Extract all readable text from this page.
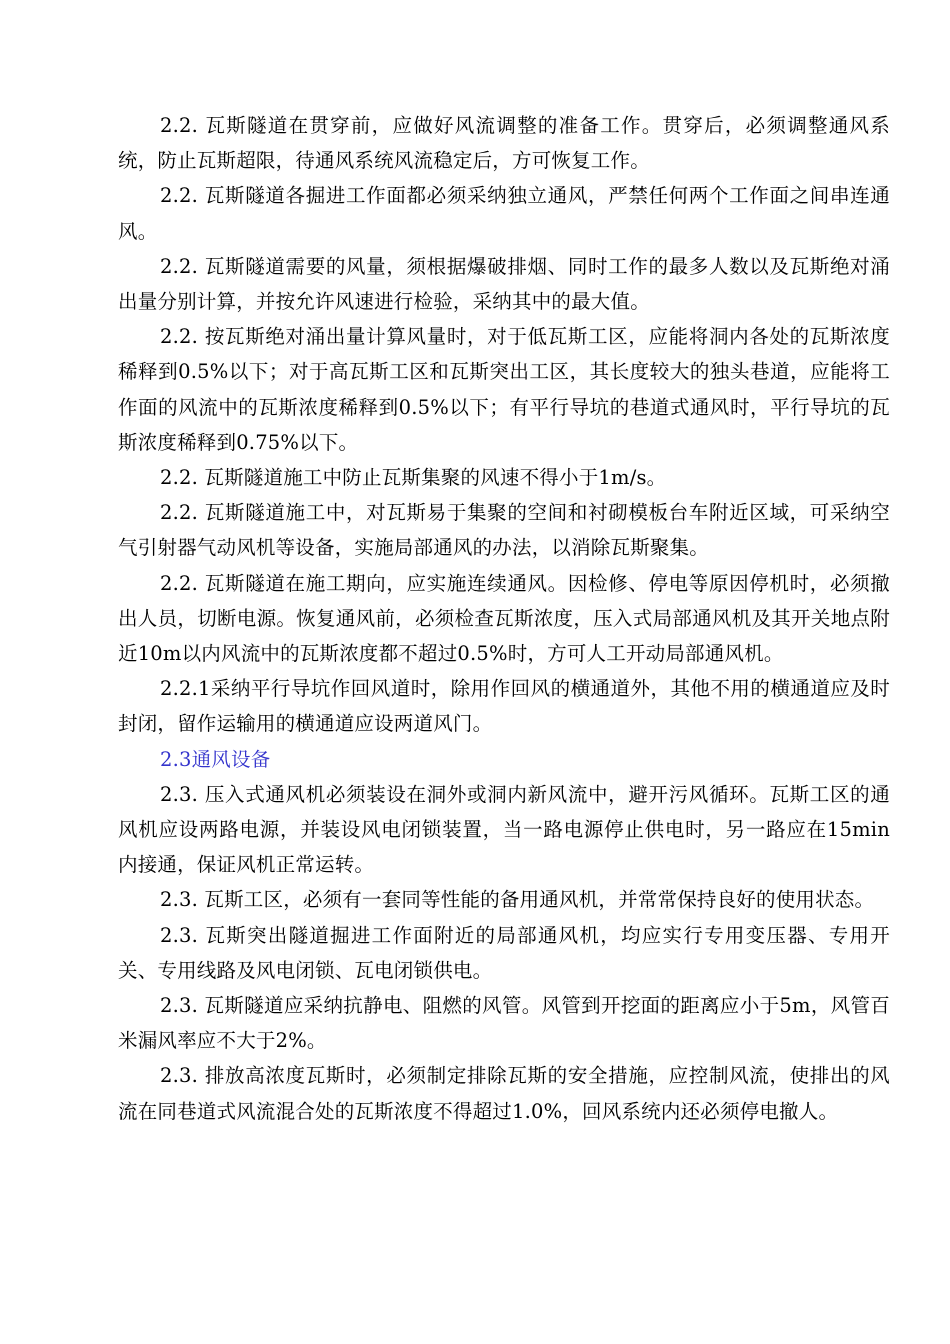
2.2. 瓦斯隧道在贯穿前，应做好风流调整的准备工作。贯穿后，必须调整通风系统，防止瓦斯超限，待通风系统风流稳定后，方可恢复工作。

2.2. 瓦斯隧道各掘进工作面都必须采纳独立通风，严禁任何两个工作面之间串连通风。

2.2. 瓦斯隧道需要的风量，须根据爆破排烟、同时工作的最多人数以及瓦斯绝对涌出量分别计算，并按允许风速进行检验，采纳其中的最大值。

2.2. 按瓦斯绝对涌出量计算风量时，对于低瓦斯工区，应能将洞内各处的瓦斯浓度稀释到0.5%以下；对于高瓦斯工区和瓦斯突出工区，其长度较大的独头巷道，应能将工作面的风流中的瓦斯浓度稀释到0.5%以下；有平行导坑的巷道式通风时，平行导坑的瓦斯浓度稀释到0.75%以下。

2.2. 瓦斯隧道施工中防止瓦斯集聚的风速不得小于1m/s。

2.2. 瓦斯隧道施工中，对瓦斯易于集聚的空间和衬砌模板台车附近区域，可采纳空气引射器气动风机等设备，实施局部通风的办法，以消除瓦斯聚集。

2.2. 瓦斯隧道在施工期向，应实施连续通风。因检修、停电等原因停机时，必须撤出人员，切断电源。恢复通风前，必须检查瓦斯浓度，压入式局部通风机及其开关地点附近10m以内风流中的瓦斯浓度都不超过0.5%时，方可人工开动局部通风机。

2.2.1采纳平行导坑作回风道时，除用作回风的横通道外，其他不用的横通道应及时封闭，留作运输用的横通道应设两道风门。

2.3通风设备

2.3. 压入式通风机必须装设在洞外或洞内新风流中，避开污风循环。瓦斯工区的通风机应设两路电源，并装设风电闭锁装置，当一路电源停止供电时，另一路应在15min内接通，保证风机正常运转。

2.3. 瓦斯工区，必须有一套同等性能的备用通风机，并常常保持良好的使用状态。

2.3. 瓦斯突出隧道掘进工作面附近的局部通风机，均应实行专用变压器、专用开关、专用线路及风电闭锁、瓦电闭锁供电。

2.3. 瓦斯隧道应采纳抗静电、阻燃的风管。风管到开挖面的距离应小于5m，风管百米漏风率应不大于2%。

2.3. 排放高浓度瓦斯时，必须制定排除瓦斯的安全措施，应控制风流，使排出的风流在同巷道式风流混合处的瓦斯浓度不得超过1.0%，回风系统内还必须停电撤人。
